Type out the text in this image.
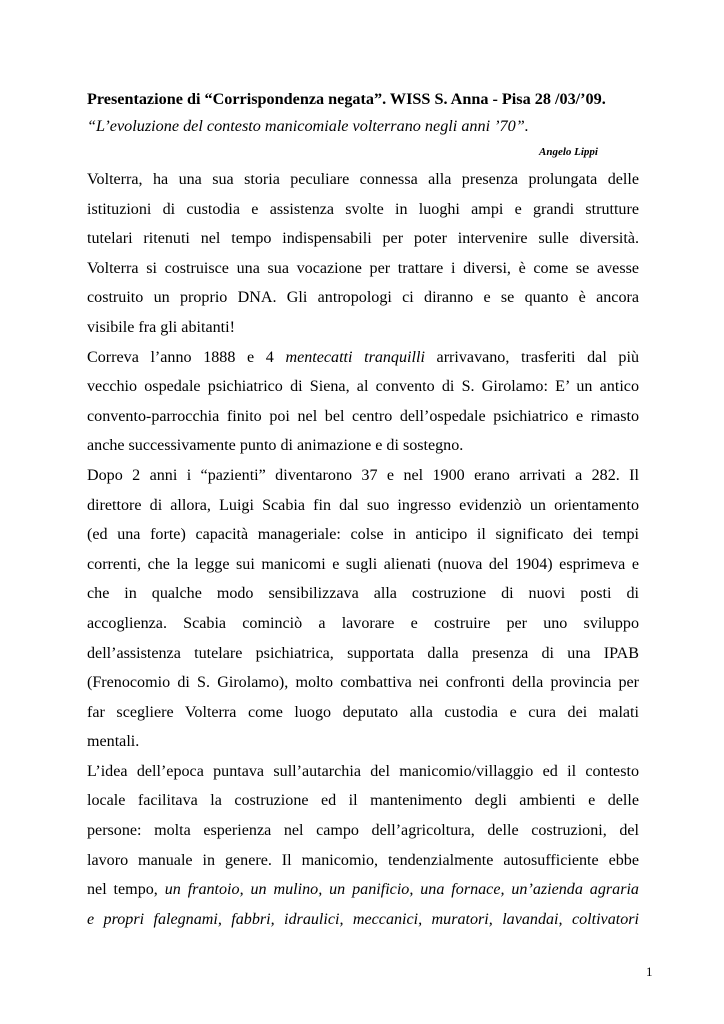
Presentazione di “Corrispondenza negata”. WISS S. Anna - Pisa 28 /03/’09.
“L’evoluzione del contesto manicomiale volterrano negli anni ’70”.
Angelo Lippi
Volterra, ha una sua storia peculiare connessa alla presenza prolungata delle
istituzioni di custodia e assistenza svolte in luoghi ampi e grandi strutture
tutelari ritenuti nel tempo indispensabili per poter intervenire sulle diversità.
Volterra si costruisce una sua vocazione per trattare i diversi, è come se avesse
costruito un proprio DNA. Gli antropologi ci diranno e se quanto è ancora
visibile fra gli abitanti!
Correva l’anno 1888 e 4 mentecatti tranquilli arrivavano, trasferiti dal più
vecchio ospedale psichiatrico di Siena, al convento di S. Girolamo: E’ un antico
convento-parrocchia finito poi nel bel centro dell’ospedale psichiatrico e rimasto
anche successivamente punto di animazione e di sostegno.
Dopo 2 anni i “pazienti” diventarono 37 e nel 1900 erano arrivati a 282. Il
direttore di allora, Luigi Scabia fin dal suo ingresso evidenziò un orientamento
(ed una forte) capacità manageriale: colse in anticipo il significato dei tempi
correnti, che la legge sui manicomi e sugli alienati (nuova del 1904) esprimeva e
che in qualche modo sensibilizzava alla costruzione di nuovi posti di
accoglienza. Scabia cominciò a lavorare e costruire per uno sviluppo
dell’assistenza tutelare psichiatrica, supportata dalla presenza di una IPAB
(Frenocomio di S. Girolamo), molto combattiva nei confronti della provincia per
far scegliere Volterra come luogo deputato alla custodia e cura dei malati
mentali.
L’idea dell’epoca puntava sull’autarchia del manicomio/villaggio ed il contesto
locale facilitava la costruzione ed il mantenimento degli ambienti e delle
persone: molta esperienza nel campo dell’agricoltura, delle costruzioni, del
lavoro manuale in genere. Il manicomio, tendenzialmente autosufficiente ebbe
nel tempo, un frantoio, un mulino, un panificio, una fornace, un’azienda agraria
e propri falegnami, fabbri, idraulici, meccanici, muratori, lavandai, coltivatori
1
